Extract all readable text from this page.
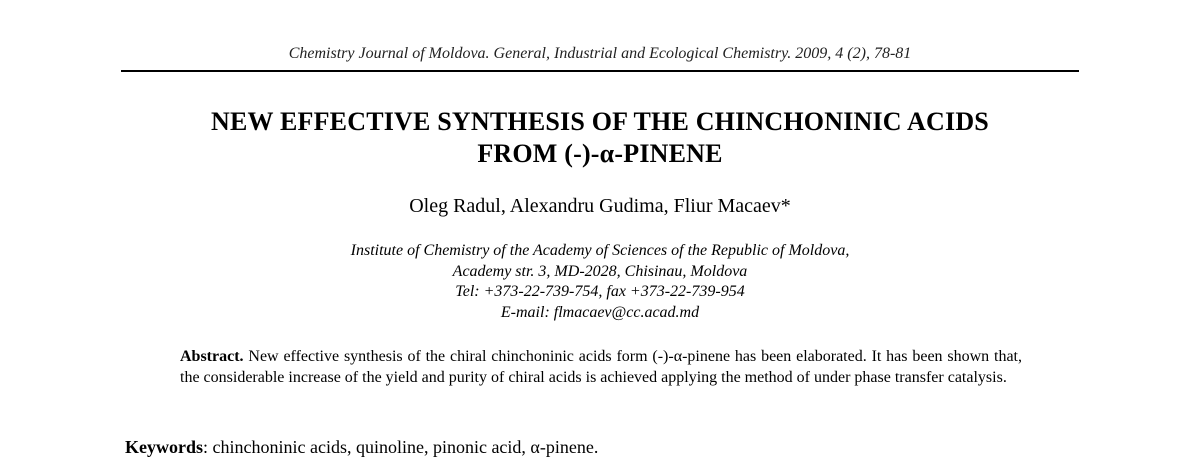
Chemistry Journal of Moldova. General, Industrial and Ecological Chemistry. 2009, 4 (2), 78-81
NEW EFFECTIVE SYNTHESIS OF THE CHINCHONINIC ACIDS
FROM (-)-α-PINENE
Oleg Radul, Alexandru Gudima, Fliur Macaev*
Institute of Chemistry of the Academy of Sciences of the Republic of Moldova,
Academy str. 3, MD-2028, Chisinau, Moldova
Tel: +373-22-739-754, fax +373-22-739-954
E-mail: flmacaev@cc.acad.md

Abstract. New effective synthesis of the chiral chinchoninic acids form (-)-α-pinene has been elaborated. It has been shown that, the considerable increase of the yield and purity of chiral acids is achieved applying the method of under phase transfer catalysis.

Keywords: chinchoninic acids, quinoline, pinonic acid, α-pinene.
